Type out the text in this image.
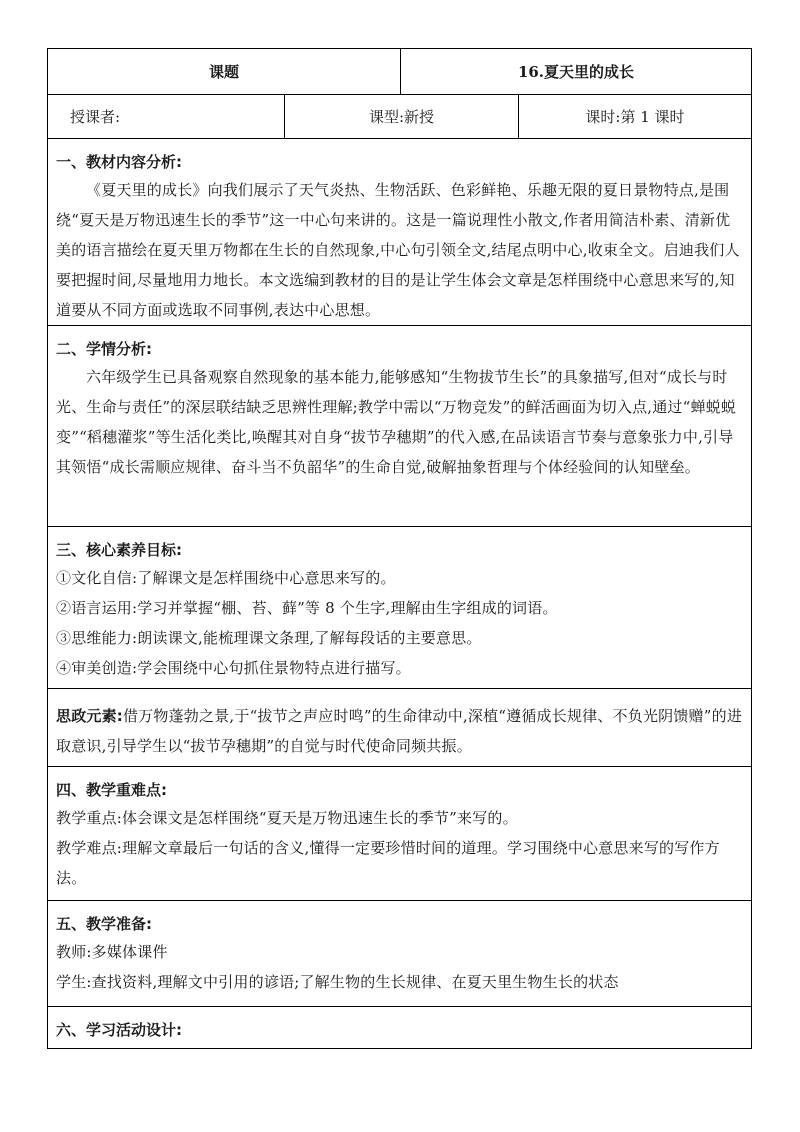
课题	16.夏天里的成长
授课者:	课型:新授	课时:第 1 课时
一、教材内容分析:

《夏天里的成长》向我们展示了天气炎热、生物活跃、色彩鲜艳、乐趣无限的夏日景物特点,是围绕“夏天是万物迅速生长的季节”这一中心句来讲的。这是一篇说理性小散文,作者用简洁朴素、清新优美的语言描绘在夏天里万物都在生长的自然现象,中心句引领全文,结尾点明中心,收束全文。启迪我们人要把握时间,尽量地用力地长。本文选编到教材的目的是让学生体会文章是怎样围绕中心意思来写的,知道要从不同方面或选取不同事例,表达中心思想。

二、学情分析:

六年级学生已具备观察自然现象的基本能力,能够感知“生物拔节生长”的具象描写,但对“成长与时光、生命与责任”的深层联结缺乏思辨性理解;教学中需以“万物竞发”的鲜活画面为切入点,通过“蝉蜕蜕变”“稻穗灌浆”等生活化类比,唤醒其对自身“拔节孕穗期”的代入感,在品读语言节奏与意象张力中,引导其领悟“成长需顺应规律、奋斗当不负韶华”的生命自觉,破解抽象哲理与个体经验间的认知壁垒。

三、核心素养目标:

①文化自信:了解课文是怎样围绕中心意思来写的。

②语言运用:学习并掌握“棚、苔、藓”等 8 个生字,理解由生字组成的词语。

③思维能力:朗读课文,能梳理课文条理,了解每段话的主要意思。

④审美创造:学会围绕中心句抓住景物特点进行描写。

思政元素:借万物蓬勃之景,于“拔节之声应时鸣”的生命律动中,深植“遵循成长规律、不负光阴馈赠”的进取意识,引导学生以“拔节孕穗期”的自觉与时代使命同频共振。

四、教学重难点:

教学重点:体会课文是怎样围绕“夏天是万物迅速生长的季节”来写的。

教学难点:理解文章最后一句话的含义,懂得一定要珍惜时间的道理。学习围绕中心意思来写的写作方法。

五、教学准备:

教师:多媒体课件

学生:查找资料,理解文中引用的谚语;了解生物的生长规律、在夏天里生物生长的状态

六、学习活动设计:
